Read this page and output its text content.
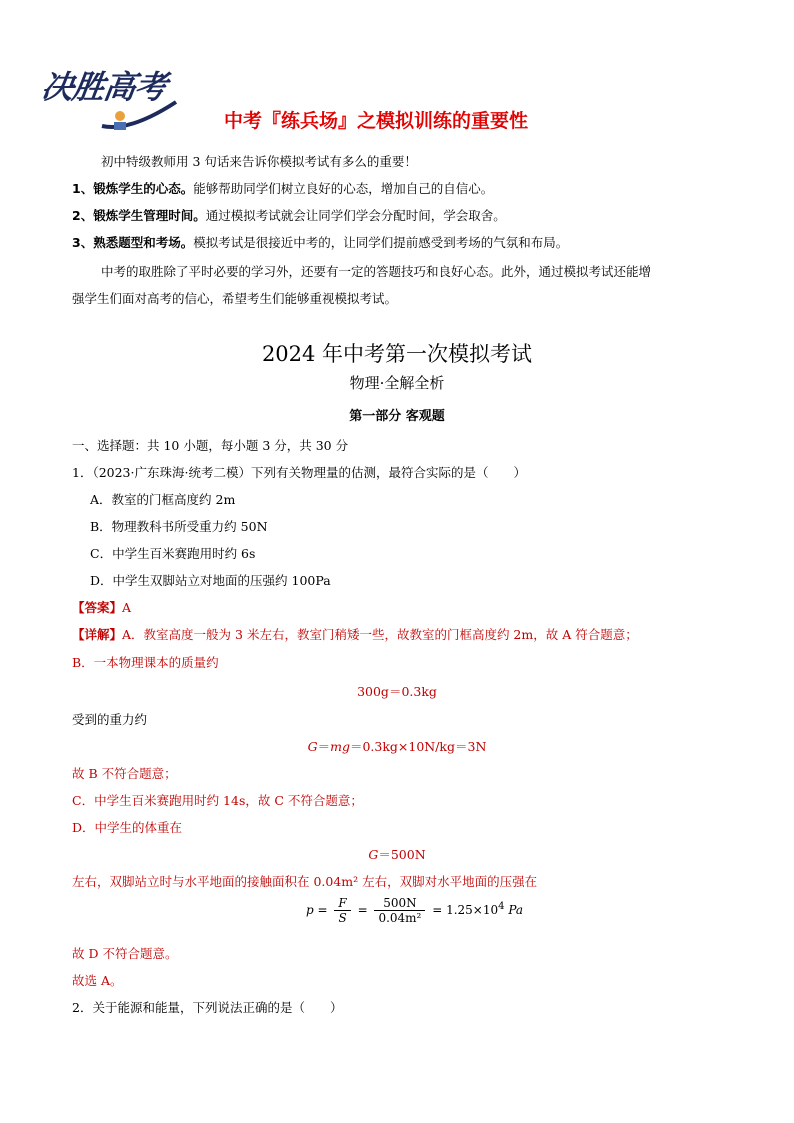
决胜高考
中考『练兵场』之模拟训练的重要性
初中特级教师用 3 句话来告诉你模拟考试有多么的重要！
1、锻炼学生的心态。能够帮助同学们树立良好的心态，增加自己的自信心。
2、锻炼学生管理时间。通过模拟考试就会让同学们学会分配时间，学会取舍。
3、熟悉题型和考场。模拟考试是很接近中考的，让同学们提前感受到考场的气氛和布局。
中考的取胜除了平时必要的学习外，还要有一定的答题技巧和良好心态。此外，通过模拟考试还能增
强学生们面对高考的信心，希望考生们能够重视模拟考试。
2024 年中考第一次模拟考试
物理·全解全析
第一部分 客观题
一、选择题：共 10 小题，每小题 3 分，共 30 分
1．（2023·广东珠海·统考二模）下列有关物理量的估测，最符合实际的是（　　）
A．教室的门框高度约 2m
B．物理教科书所受重力约 50N
C．中学生百米赛跑用时约 6s
D．中学生双脚站立对地面的压强约 100Pa
【答案】A
【详解】A．教室高度一般为 3 米左右，教室门稍矮一些，故教室的门框高度约 2m，故 A 符合题意；
B．一本物理课本的质量约
300g＝0.3kg
受到的重力约
G＝mg＝0.3kg×10N/kg＝3N
故 B 不符合题意；
C．中学生百米赛跑用时约 14s，故 C 不符合题意；
D．中学生的体重在
G＝500N
左右，双脚站立时与水平地面的接触面积在 0.04m² 左右，双脚对水平地面的压强在
$p = \frac{F}{S} = \frac{500N}{\text{0.04m²}} = 1.25\times 10^4$ Pa
故 D 不符合题意。
故选 A。
2．关于能源和能量，下列说法正确的是（　　）
